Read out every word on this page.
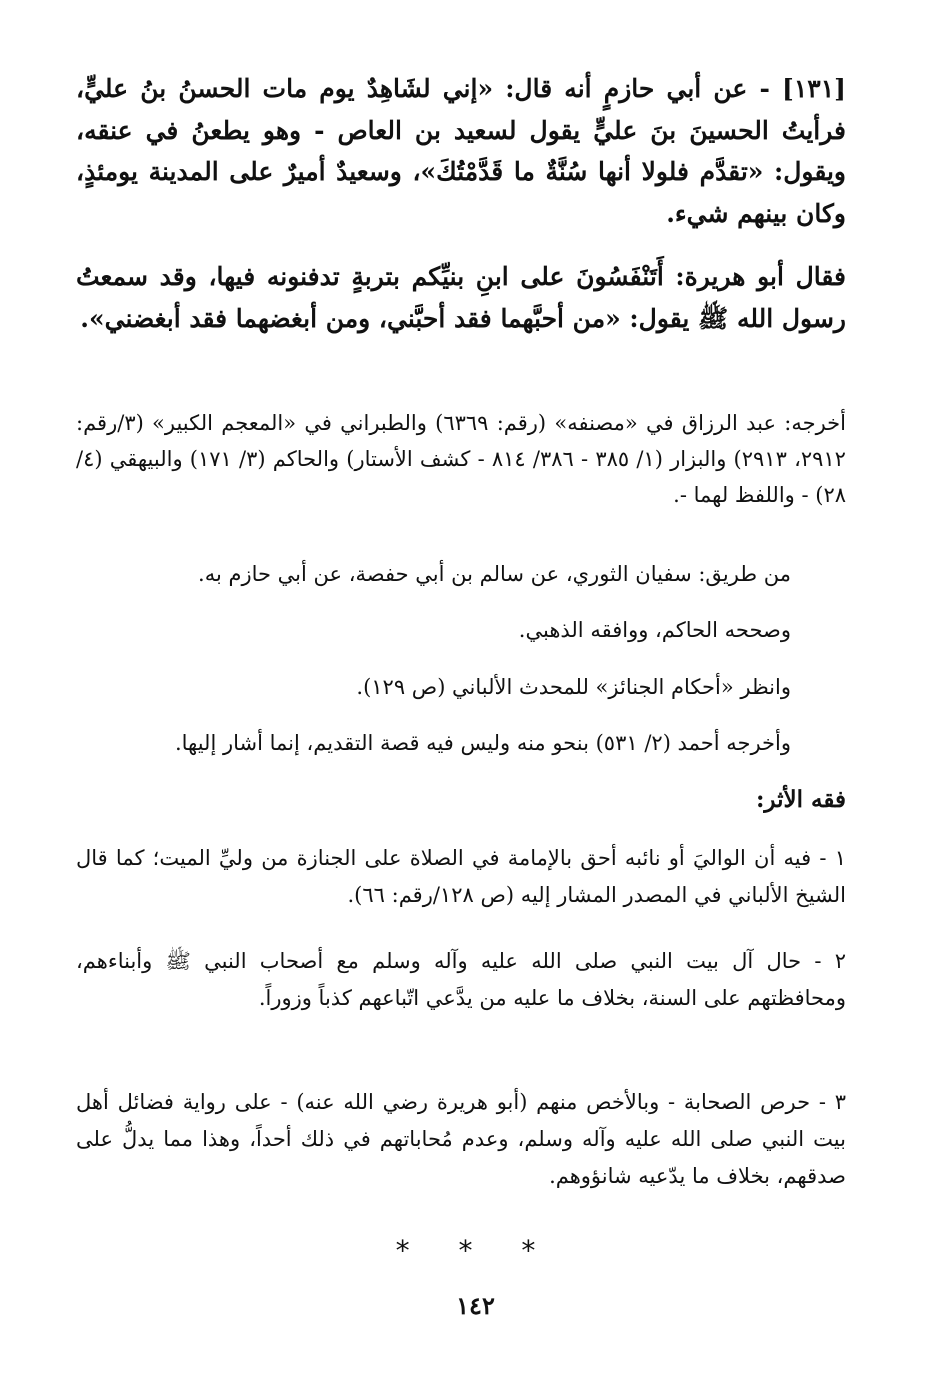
[١٣١] - عن أبي حازمٍ أنه قال: «إني لشَاهِدٌ يوم مات الحسنُ بنُ عليٍّ، فرأيتُ الحسينَ بنَ عليٍّ يقول لسعيد بن العاص - وهو يطعنُ في عنقه، ويقول: «تقدَّم فلولا أنها سُنَّةٌ ما قَدَّمْتُكَ»، وسعيدٌ أميرٌ على المدينة يومئذٍ، وكان بينهم شيء.

فقال أبو هريرة: أَتَنْفَسُونَ على ابنِ بنيِّكم بتربةٍ تدفنونه فيها، وقد سمعتُ رسول الله ﷺ يقول: «من أحبَّهما فقد أحبَّني، ومن أبغضهما فقد أبغضني».

أخرجه: عبد الرزاق في «مصنفه» (رقم: ٦٣٦٩) والطبراني في «المعجم الكبير» (٣/رقم: ٢٩١٢، ٢٩١٣) والبزار (١/ ٣٨٥ - ٣٨٦/ ٨١٤ - كشف الأستار) والحاكم (٣/ ١٧١) والبيهقي (٤/ ٢٨) - واللفظ لهما -.

من طريق: سفيان الثوري، عن سالم بن أبي حفصة، عن أبي حازم به.

وصححه الحاكم، ووافقه الذهبي.

وانظر «أحكام الجنائز» للمحدث الألباني (ص ١٢٩).

وأخرجه أحمد (٢/ ٥٣١) بنحو منه وليس فيه قصة التقديم، إنما أشار إليها.

فقه الأثر:

١ - فيه أن الواليَ أو نائبه أحق بالإمامة في الصلاة على الجنازة من وليِّ الميت؛ كما قال الشيخ الألباني في المصدر المشار إليه (ص ١٢٨/رقم: ٦٦).

٢ - حال آل بيت النبي صلى الله عليه وآله وسلم مع أصحاب النبي ﷺ وأبناءهم، ومحافظتهم على السنة، بخلاف ما عليه من يدَّعي اتّباعهم كذباً وزوراً.

٣ - حرص الصحابة - وبالأخص منهم (أبو هريرة رضي الله عنه) - على رواية فضائل أهل بيت النبي صلى الله عليه وآله وسلم، وعدم مُحاباتهم في ذلك أحداً، وهذا مما يدلُّ على صدقهم، بخلاف ما يدّعيه شانؤوهم.

* * *

١٤٢
